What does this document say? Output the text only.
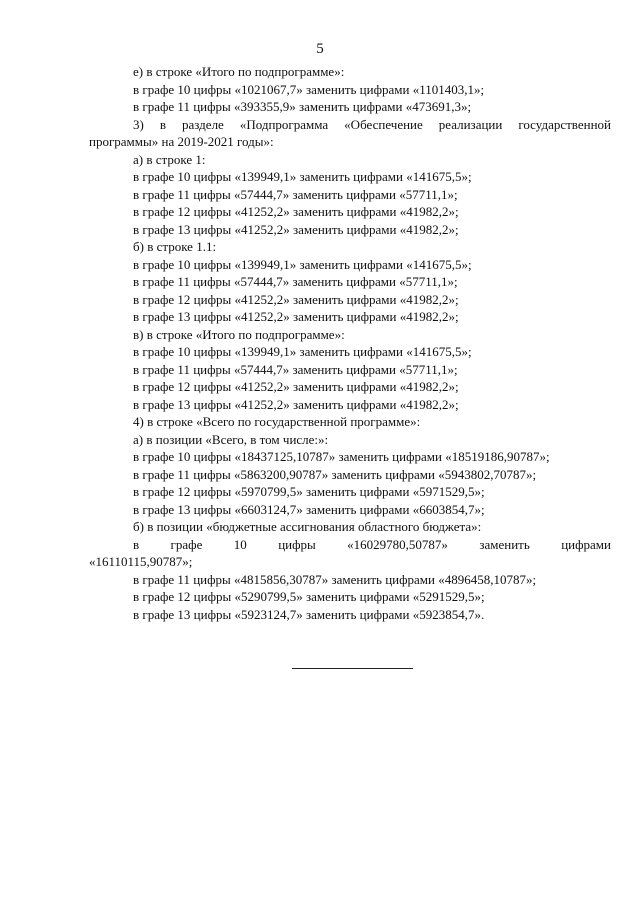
5
е) в строке «Итого по подпрограмме»:
в графе 10 цифры «1021067,7» заменить цифрами «1101403,1»;
в графе 11 цифры «393355,9» заменить цифрами «473691,3»;
3) в разделе «Подпрограмма «Обеспечение реализации государственной
программы» на 2019-2021 годы»:
а) в строке 1:
в графе 10 цифры «139949,1» заменить цифрами «141675,5»;
в графе 11 цифры «57444,7» заменить цифрами «57711,1»;
в графе 12 цифры «41252,2» заменить цифрами «41982,2»;
в графе 13 цифры «41252,2» заменить цифрами «41982,2»;
б) в строке 1.1:
в графе 10 цифры «139949,1» заменить цифрами «141675,5»;
в графе 11 цифры «57444,7» заменить цифрами «57711,1»;
в графе 12 цифры «41252,2» заменить цифрами «41982,2»;
в графе 13 цифры «41252,2» заменить цифрами «41982,2»;
в) в строке «Итого по подпрограмме»:
в графе 10 цифры «139949,1» заменить цифрами «141675,5»;
в графе 11 цифры «57444,7» заменить цифрами «57711,1»;
в графе 12 цифры «41252,2» заменить цифрами «41982,2»;
в графе 13 цифры «41252,2» заменить цифрами «41982,2»;
4) в строке «Всего по государственной программе»:
а) в позиции «Всего, в том числе:»:
в графе 10 цифры «18437125,10787» заменить цифрами «18519186,90787»;
в графе 11 цифры «5863200,90787» заменить цифрами «5943802,70787»;
в графе 12 цифры «5970799,5» заменить цифрами «5971529,5»;
в графе 13 цифры «6603124,7» заменить цифрами «6603854,7»;
б) в позиции «бюджетные ассигнования областного бюджета»:
в графе 10 цифры «16029780,50787» заменить цифрами
«16110115,90787»;
в графе 11 цифры «4815856,30787» заменить цифрами «4896458,10787»;
в графе 12 цифры «5290799,5» заменить цифрами «5291529,5»;
в графе 13 цифры «5923124,7» заменить цифрами «5923854,7».
